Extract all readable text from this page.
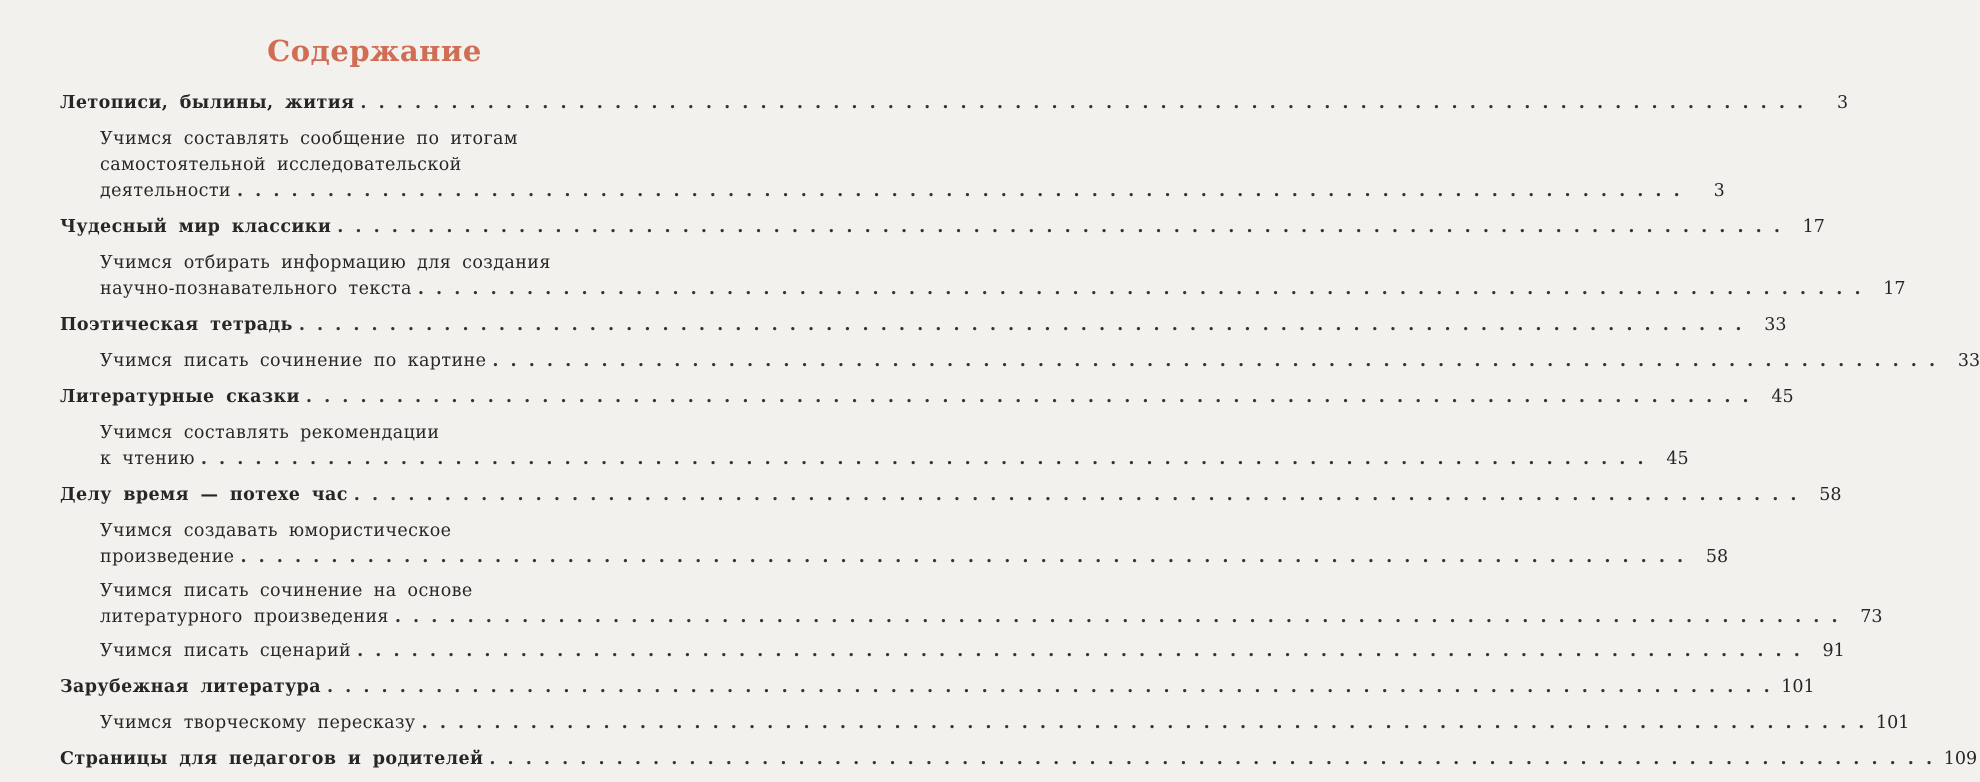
Содержание
Летописи, былины, жития . . . . . . . . . . . . . . . . . . . . . . . . . . . . . . . . . . . . . . . . . . . . . . . . . . . . . . . . . . . . . . . . . . . . . . . . . . . . . . . .	3
Учимся составлять сообщение по итогам
самостоятельной исследовательской
деятельности . . . . . . . . . . . . . . . . . . . . . . . . . . . . . . . . . . . . . . . . . . . . . . . . . . . . . . . . . . . . . . . . . . . . . . . . . . . . . . . .	3
Чудесный мир классики . . . . . . . . . . . . . . . . . . . . . . . . . . . . . . . . . . . . . . . . . . . . . . . . . . . . . . . . . . . . . . . . . . . . . . . . . . . . . . . .	17
Учимся отбирать информацию для создания
научно-познавательного текста . . . . . . . . . . . . . . . . . . . . . . . . . . . . . . . . . . . . . . . . . . . . . . . . . . . . . . . . . . . . . . . . . . . . . . . . . . . . . . . .	17
Поэтическая тетрадь . . . . . . . . . . . . . . . . . . . . . . . . . . . . . . . . . . . . . . . . . . . . . . . . . . . . . . . . . . . . . . . . . . . . . . . . . . . . . . . .	33
Учимся писать сочинение по картине . . . . . . . . . . . . . . . . . . . . . . . . . . . . . . . . . . . . . . . . . . . . . . . . . . . . . . . . . . . . . . . . . . . . . . . . . . . . . . . .	33
Литературные сказки . . . . . . . . . . . . . . . . . . . . . . . . . . . . . . . . . . . . . . . . . . . . . . . . . . . . . . . . . . . . . . . . . . . . . . . . . . . . . . . .	45
Учимся составлять рекомендации
к чтению . . . . . . . . . . . . . . . . . . . . . . . . . . . . . . . . . . . . . . . . . . . . . . . . . . . . . . . . . . . . . . . . . . . . . . . . . . . . . . . .	45
Делу время — потехе час . . . . . . . . . . . . . . . . . . . . . . . . . . . . . . . . . . . . . . . . . . . . . . . . . . . . . . . . . . . . . . . . . . . . . . . . . . . . . . . .	58
Учимся создавать юмористическое
произведение . . . . . . . . . . . . . . . . . . . . . . . . . . . . . . . . . . . . . . . . . . . . . . . . . . . . . . . . . . . . . . . . . . . . . . . . . . . . . . . .	58
Учимся писать сочинение на основе
литературного произведения . . . . . . . . . . . . . . . . . . . . . . . . . . . . . . . . . . . . . . . . . . . . . . . . . . . . . . . . . . . . . . . . . . . . . . . . . . . . . . . .	73
Учимся писать сценарий . . . . . . . . . . . . . . . . . . . . . . . . . . . . . . . . . . . . . . . . . . . . . . . . . . . . . . . . . . . . . . . . . . . . . . . . . . . . . . . .	91
Зарубежная литература . . . . . . . . . . . . . . . . . . . . . . . . . . . . . . . . . . . . . . . . . . . . . . . . . . . . . . . . . . . . . . . . . . . . . . . . . . . . . . . . 101
Учимся творческому пересказу . . . . . . . . . . . . . . . . . . . . . . . . . . . . . . . . . . . . . . . . . . . . . . . . . . . . . . . . . . . . . . . . . . . . . . . . . . . . . . . . 101
Страницы для педагогов и родителей . . . . . . . . . . . . . . . . . . . . . . . . . . . . . . . . . . . . . . . . . . . . . . . . . . . . . . . . . . . . . . . . . . . . . . . . . . . . . . . . 109
